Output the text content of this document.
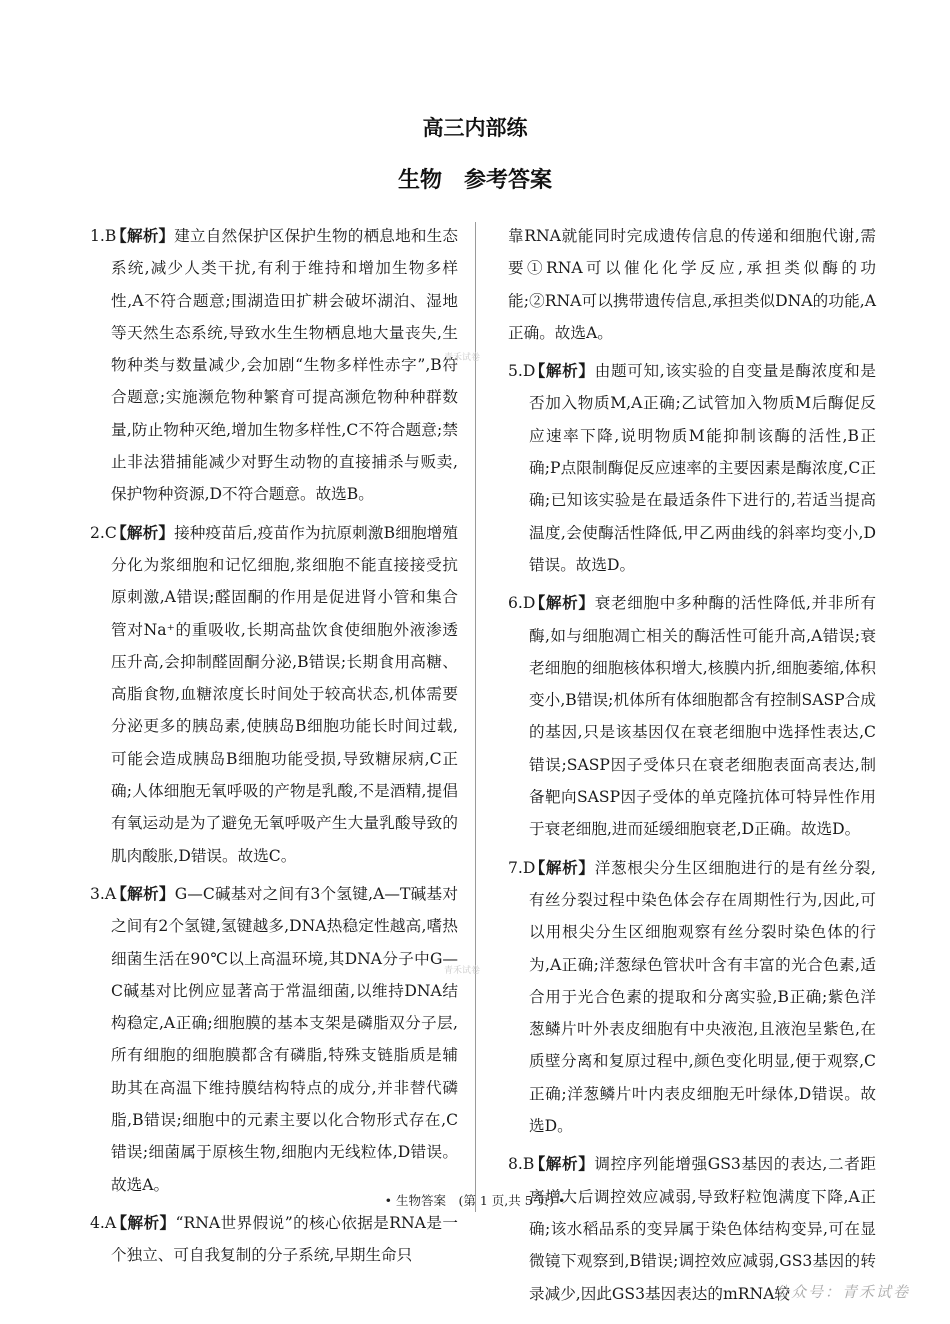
高三内部练
生物　参考答案
1.B【解析】建立自然保护区保护生物的栖息地和生态系统,减少人类干扰,有利于维持和增加生物多样性,A不符合题意;围湖造田扩耕会破坏湖泊、湿地等天然生态系统,导致水生生物栖息地大量丧失,生物种类与数量减少,会加剧“生物多样性赤字”,B符合题意;实施濒危物种繁育可提高濒危物种种群数量,防止物种灭绝,增加生物多样性,C不符合题意;禁止非法猎捕能减少对野生动物的直接捕杀与贩卖,保护物种资源,D不符合题意。故选B。
2.C【解析】接种疫苗后,疫苗作为抗原刺激B细胞增殖分化为浆细胞和记忆细胞,浆细胞不能直接接受抗原刺激,A错误;醛固酮的作用是促进肾小管和集合管对Na⁺的重吸收,长期高盐饮食使细胞外液渗透压升高,会抑制醛固酮分泌,B错误;长期食用高糖、高脂食物,血糖浓度长时间处于较高状态,机体需要分泌更多的胰岛素,使胰岛B细胞功能长时间过载,可能会造成胰岛B细胞功能受损,导致糖尿病,C正确;人体细胞无氧呼吸的产物是乳酸,不是酒精,提倡有氧运动是为了避免无氧呼吸产生大量乳酸导致的肌肉酸胀,D错误。故选C。
3.A【解析】G—C碱基对之间有3个氢键,A—T碱基对之间有2个氢键,氢键越多,DNA热稳定性越高,嗜热细菌生活在90℃以上高温环境,其DNA分子中G—C碱基对比例应显著高于常温细菌,以维持DNA结构稳定,A正确;细胞膜的基本支架是磷脂双分子层,所有细胞的细胞膜都含有磷脂,特殊支链脂质是辅助其在高温下维持膜结构特点的成分,并非替代磷脂,B错误;细胞中的元素主要以化合物形式存在,C错误;细菌属于原核生物,细胞内无线粒体,D错误。故选A。
4.A【解析】“RNA世界假说”的核心依据是RNA是一个独立、可自我复制的分子系统,早期生命只
靠RNA就能同时完成遗传信息的传递和细胞代谢,需要①RNA可以催化化学反应,承担类似酶的功能;②RNA可以携带遗传信息,承担类似DNA的功能,A正确。故选A。
5.D【解析】由题可知,该实验的自变量是酶浓度和是否加入物质M,A正确;乙试管加入物质M后酶促反应速率下降,说明物质M能抑制该酶的活性,B正确;P点限制酶促反应速率的主要因素是酶浓度,C正确;已知该实验是在最适条件下进行的,若适当提高温度,会使酶活性降低,甲乙两曲线的斜率均变小,D错误。故选D。
6.D【解析】衰老细胞中多种酶的活性降低,并非所有酶,如与细胞凋亡相关的酶活性可能升高,A错误;衰老细胞的细胞核体积增大,核膜内折,细胞萎缩,体积变小,B错误;机体所有体细胞都含有控制SASP合成的基因,只是该基因仅在衰老细胞中选择性表达,C错误;SASP因子受体只在衰老细胞表面高表达,制备靶向SASP因子受体的单克隆抗体可特异性作用于衰老细胞,进而延缓细胞衰老,D正确。故选D。
7.D【解析】洋葱根尖分生区细胞进行的是有丝分裂,有丝分裂过程中染色体会存在周期性行为,因此,可以用根尖分生区细胞观察有丝分裂时染色体的行为,A正确;洋葱绿色管状叶含有丰富的光合色素,适合用于光合色素的提取和分离实验,B正确;紫色洋葱鳞片叶外表皮细胞有中央液泡,且液泡呈紫色,在质壁分离和复原过程中,颜色变化明显,便于观察,C正确;洋葱鳞片叶内表皮细胞无叶绿体,D错误。故选D。
8.B【解析】调控序列能增强GS3基因的表达,二者距离增大后调控效应减弱,导致籽粒饱满度下降,A正确;该水稻品系的变异属于染色体结构变异,可在显微镜下观察到,B错误;调控效应减弱,GS3基因的转录减少,因此GS3基因表达的mRNA较
青禾试卷
青禾试卷
• 生物答案　(第 1 页,共 5 页) •
公众号：青禾试卷
